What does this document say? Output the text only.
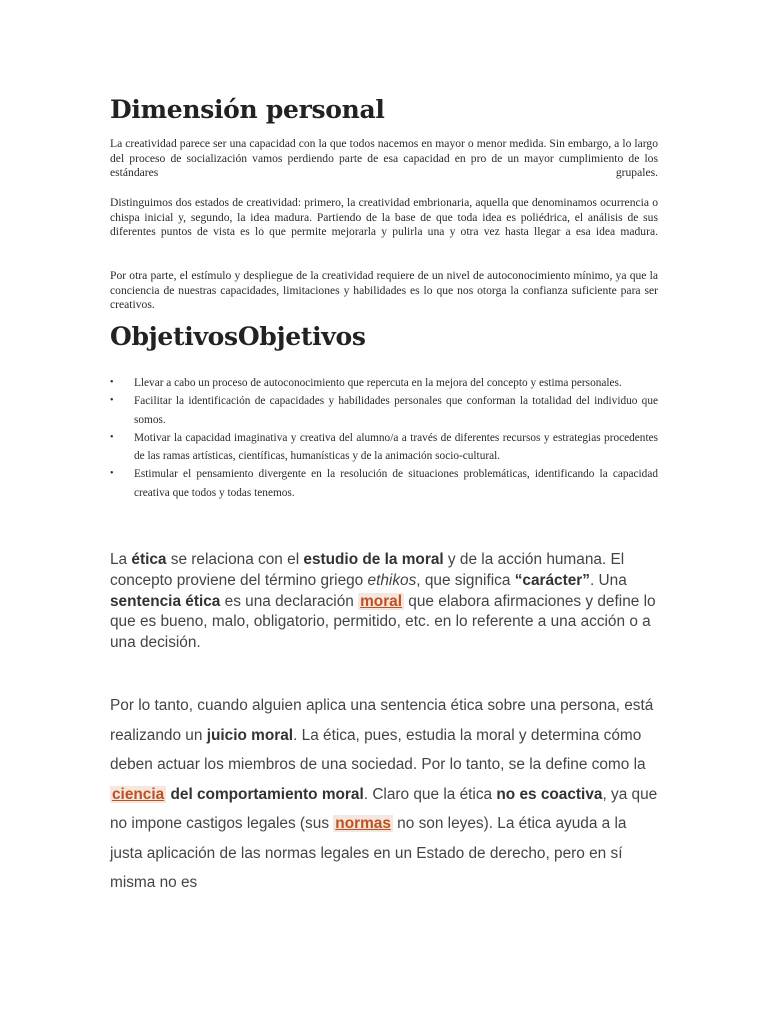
Dimensión personal

La creatividad parece ser una capacidad con la que todos nacemos en mayor o menor medida. Sin embargo, a lo largo del proceso de socialización vamos perdiendo parte de esa capacidad en pro de un mayor cumplimiento de los estándares grupales.

Distinguimos dos estados de creatividad: primero, la creatividad embrionaria, aquella que denominamos ocurrencia o chispa inicial y, segundo, la idea madura. Partiendo de la base de que toda idea es poliédrica, el análisis de sus diferentes puntos de vista es lo que permite mejorarla y pulirla una y otra vez hasta llegar a esa idea madura.

Por otra parte, el estímulo y despliegue de la creatividad requiere de un nivel de autoconocimiento mínimo, ya que la conciencia de nuestras capacidades, limitaciones y habilidades es lo que nos otorga la confianza suficiente para ser creativos.

ObjetivosObjetivos
• Llevar a cabo un proceso de autoconocimiento que repercuta en la mejora del concepto y estima personales.
• Facilitar la identificación de capacidades y habilidades personales que conforman la totalidad del individuo que somos.
• Motivar la capacidad imaginativa y creativa del alumno/a a través de diferentes recursos y estrategias procedentes de las ramas artísticas, científicas, humanísticas y de la animación socio-cultural.
• Estimular el pensamiento divergente en la resolución de situaciones problemáticas, identificando la capacidad creativa que todos y todas tenemos.

La ética se relaciona con el estudio de la moral y de la acción humana. El concepto proviene del término griego ethikos, que significa “carácter”. Una sentencia ética es una declaración moral que elabora afirmaciones y define lo que es bueno, malo, obligatorio, permitido, etc. en lo referente a una acción o a una decisión.

Por lo tanto, cuando alguien aplica una sentencia ética sobre una persona, está realizando un juicio moral. La ética, pues, estudia la moral y determina cómo deben actuar los miembros de una sociedad. Por lo tanto, se la define como la ciencia del comportamiento moral. Claro que la ética no es coactiva, ya que no impone castigos legales (sus normas no son leyes). La ética ayuda a la justa aplicación de las normas legales en un Estado de derecho, pero en sí misma no es
